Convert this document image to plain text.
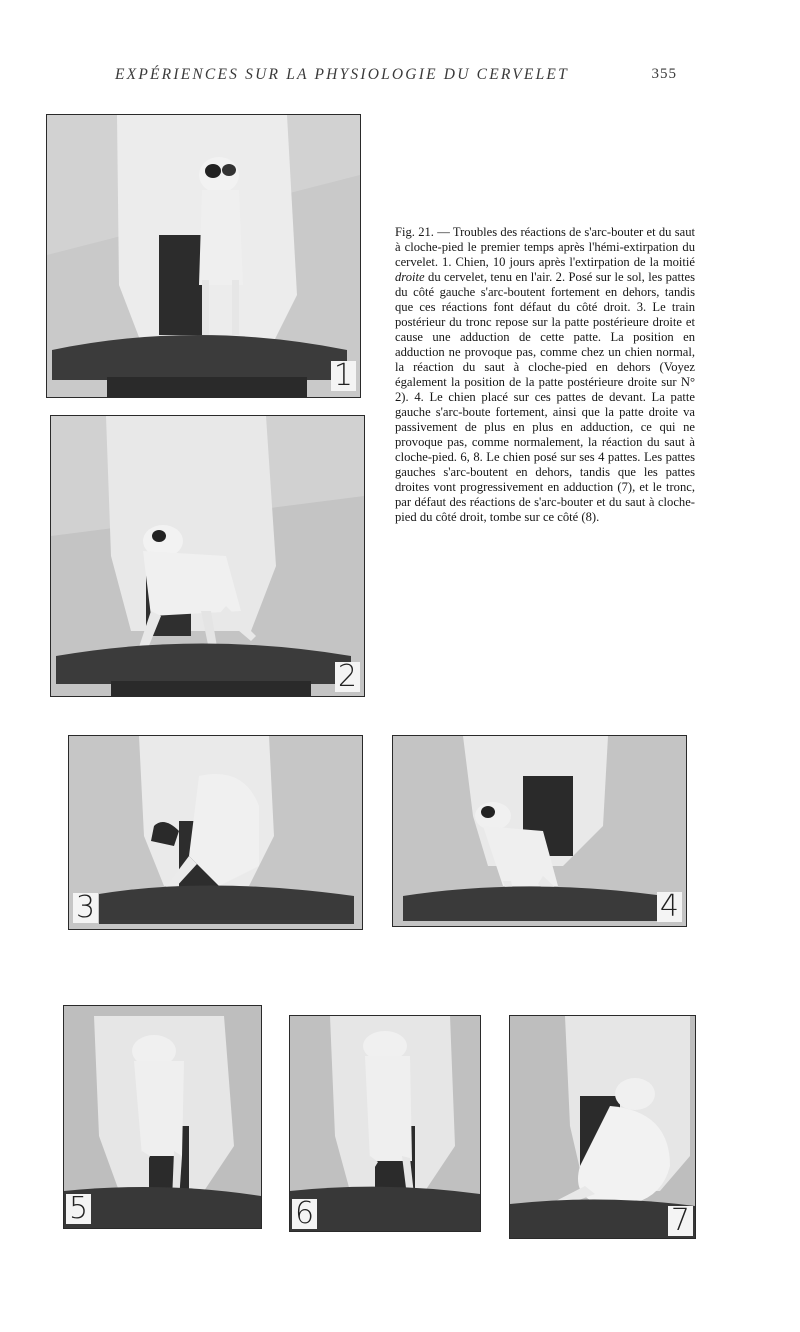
EXPÉRIENCES SUR LA PHYSIOLOGIE DU CERVELET	355
1
2
3	4
5	6	7
Fig. 21. — Troubles des réactions de s'arc-bouter et du saut à cloche-pied le premier temps après l'hémi-extirpation du cervelet. 1. Chien, 10 jours après l'extirpation de la moitié droite du cervelet, tenu en l'air. 2. Posé sur le sol, les pattes du côté gauche s'arc-boutent fortement en dehors, tandis que ces réactions font défaut du côté droit. 3. Le train postérieur du tronc repose sur la patte postérieure droite et cause une adduction de cette patte. La position en adduction ne provoque pas, comme chez un chien normal, la réaction du saut à cloche-pied en dehors (Voyez également la position de la patte postérieure droite sur N° 2). 4. Le chien placé sur ces pattes de devant. La patte gauche s'arc-boute fortement, ainsi que la patte droite va passivement de plus en plus en adduction, ce qui ne provoque pas, comme normalement, la réaction du saut à cloche-pied. 6, 8. Le chien posé sur ses 4 pattes. Les pattes gauches s'arc-boutent en dehors, tandis que les pattes droites vont progressivement en adduction (7), et le tronc, par défaut des réactions de s'arc-bouter et du saut à cloche-pied du côté droit, tombe sur ce côté (8).
